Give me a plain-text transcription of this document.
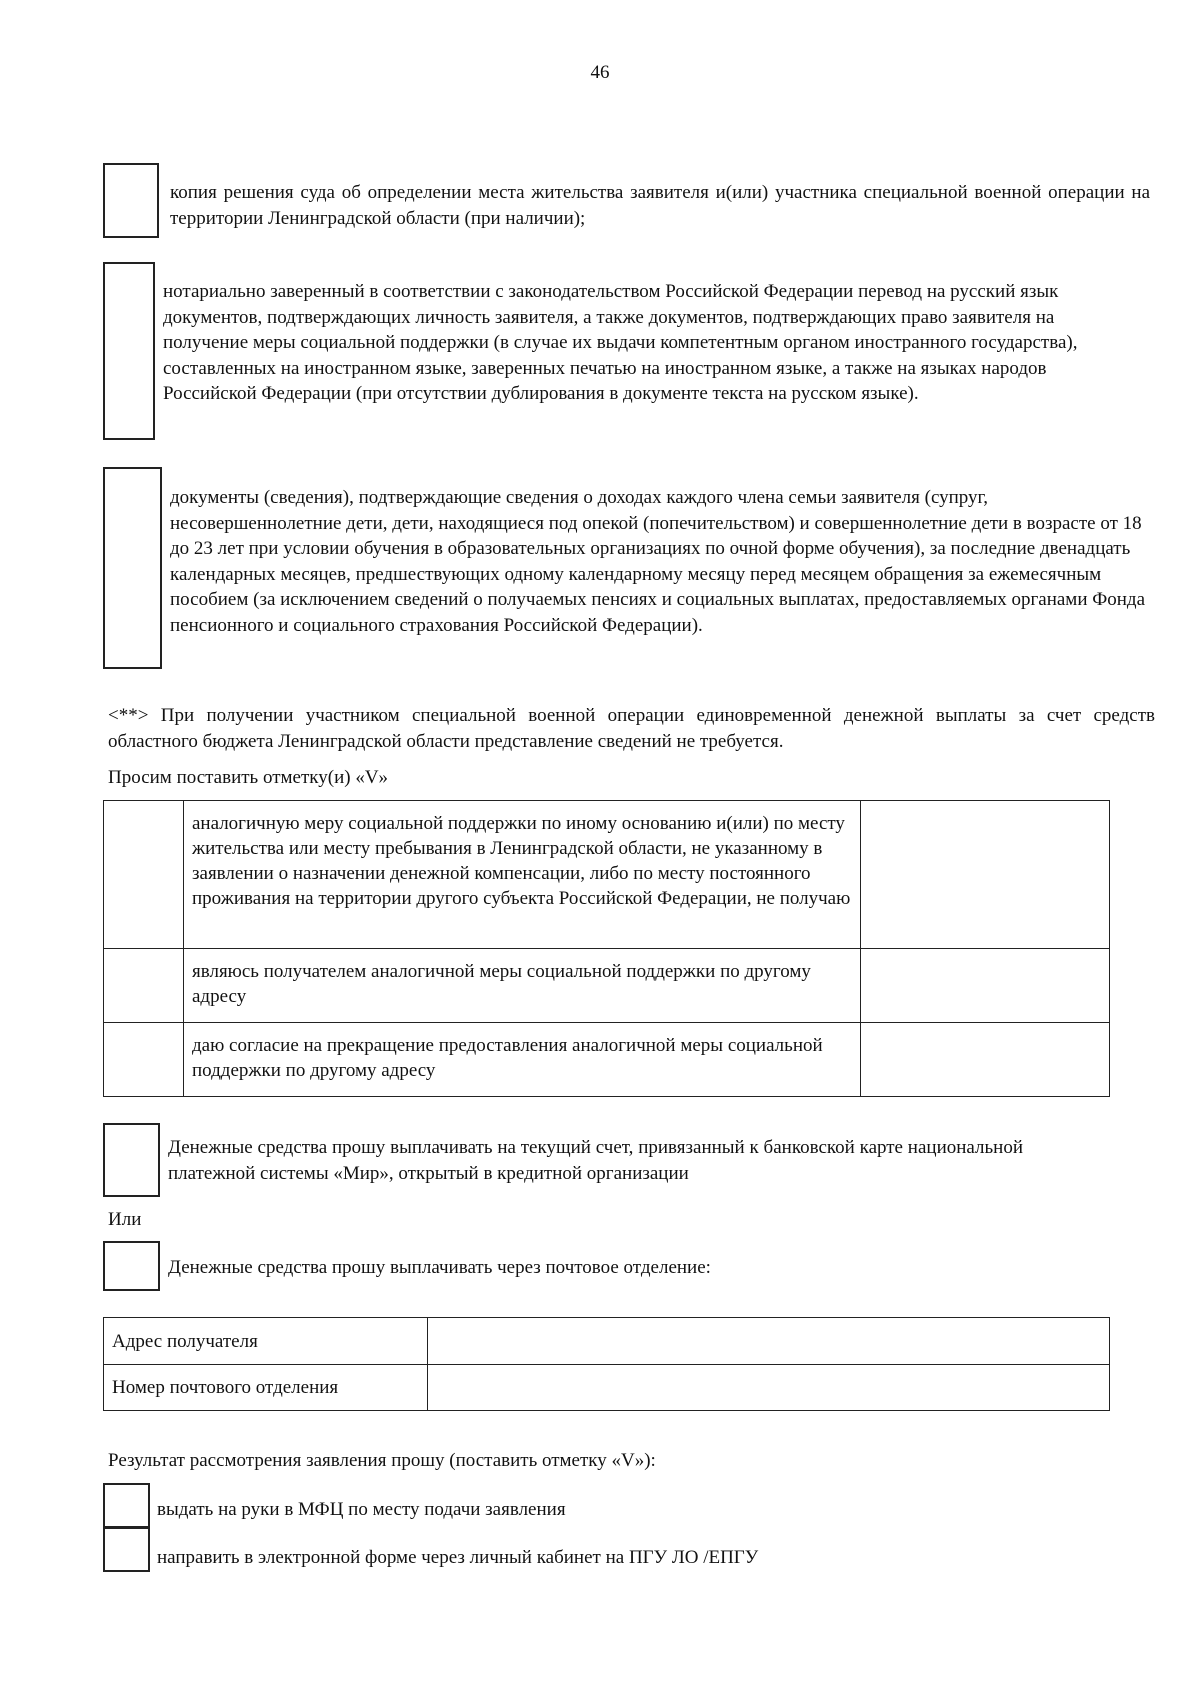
46
копия решения суда об определении места жительства заявителя и(или) участника специальной военной операции на территории Ленинградской области (при наличии);
нотариально заверенный в соответствии с законодательством Российской Федерации перевод на русский язык документов, подтверждающих личность заявителя, а также документов, подтверждающих право заявителя на получение меры социальной поддержки (в случае их выдачи компетентным органом иностранного государства), составленных на иностранном языке, заверенных печатью на иностранном языке, а также на языках народов Российской Федерации (при отсутствии дублирования в документе текста на русском языке).
документы (сведения), подтверждающие сведения о доходах каждого члена семьи заявителя (супруг, несовершеннолетние дети, дети, находящиеся под опекой (попечительством) и совершеннолетние дети в возрасте от 18 до 23 лет при условии обучения в образовательных организациях по очной форме обучения), за последние двенадцать календарных месяцев, предшествующих одному календарному месяцу перед месяцем обращения за ежемесячным пособием (за исключением сведений о получаемых пенсиях и социальных выплатах, предоставляемых органами Фонда пенсионного и социального страхования Российской Федерации).
<**> При получении участником специальной военной операции единовременной денежной выплаты за счет средств областного бюджета Ленинградской области представление сведений не требуется.
Просим поставить отметку(и) «V»

	аналогичную меру социальной поддержки по иному основанию и(или) по месту жительства или месту пребывания в Ленинградской области, не указанному в заявлении о назначении денежной компенсации, либо по месту постоянного проживания на территории другого субъекта Российской Федерации, не получаю	

	являюсь получателем аналогичной меры социальной поддержки по другому адресу	

	даю согласие на прекращение предоставления аналогичной меры социальной поддержки по другому адресу	

Денежные средства прошу выплачивать на текущий счет, привязанный к банковской карте национальной платежной системы «Мир», открытый в кредитной организации
Или
Денежные средства прошу выплачивать через почтовое отделение:
Адрес получателя	

Номер почтового отделения	

Результат рассмотрения заявления прошу (поставить отметку «V»):
выдать на руки в МФЦ по месту подачи заявления
направить в электронной форме через личный кабинет на ПГУ ЛО /ЕПГУ
